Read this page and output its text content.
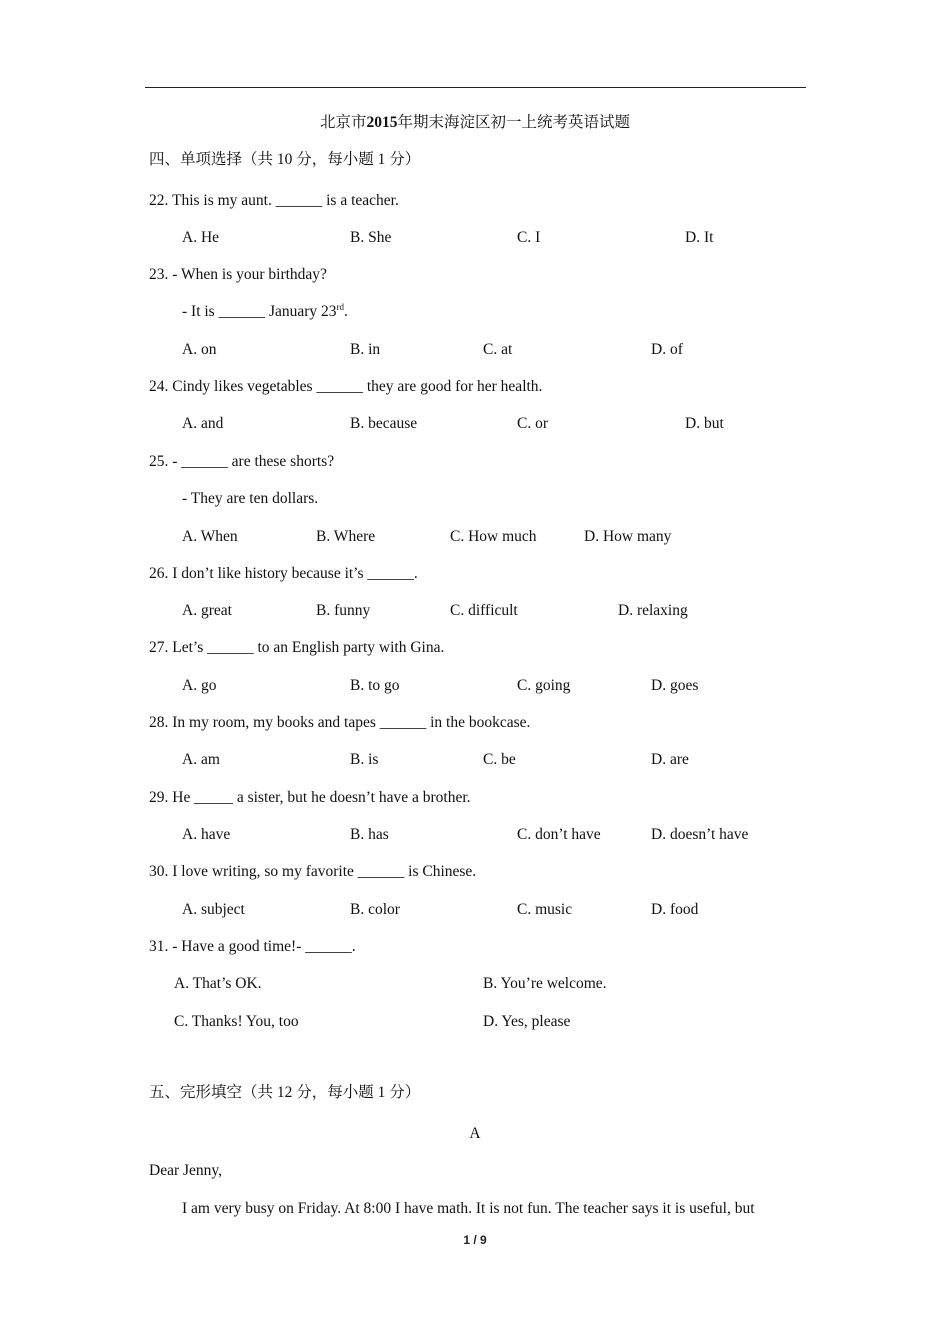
北京市2015年期末海淀区初一上统考英语试题
四、单项选择（共 10 分，每小题 1 分）
22. This is my aunt. ______ is a teacher.
A. He	B. She	C. I	D. It
23. - When is your birthday?
- It is ______ January 23rd.
A. on	B. in	C. at	D. of
24. Cindy likes vegetables ______ they are good for her health.
A. and	B. because	C. or	D. but
25. - ______ are these shorts?
- They are ten dollars.
A. When	B. Where	C. How much	D. How many
26. I don’t like history because it’s ______.
A. great	B. funny	C. difficult	D. relaxing
27. Let’s ______ to an English party with Gina.
A. go	B. to go	C. going	D. goes
28. In my room, my books and tapes ______ in the bookcase.
A. am	B. is	C. be	D. are
29. He _____ a sister, but he doesn’t have a brother.
A. have	B. has	C. don’t have	D. doesn’t have
30. I love writing, so my favorite ______ is Chinese.
A. subject	B. color	C. music	D. food
31. - Have a good time!- ______.
A. That’s OK.	B. You’re welcome.
C. Thanks! You, too	D. Yes, please
五、完形填空（共 12 分，每小题 1 分）
A
Dear Jenny,
I am very busy on Friday. At 8:00 I have math. It is not fun. The teacher says it is useful, but
1 / 9
